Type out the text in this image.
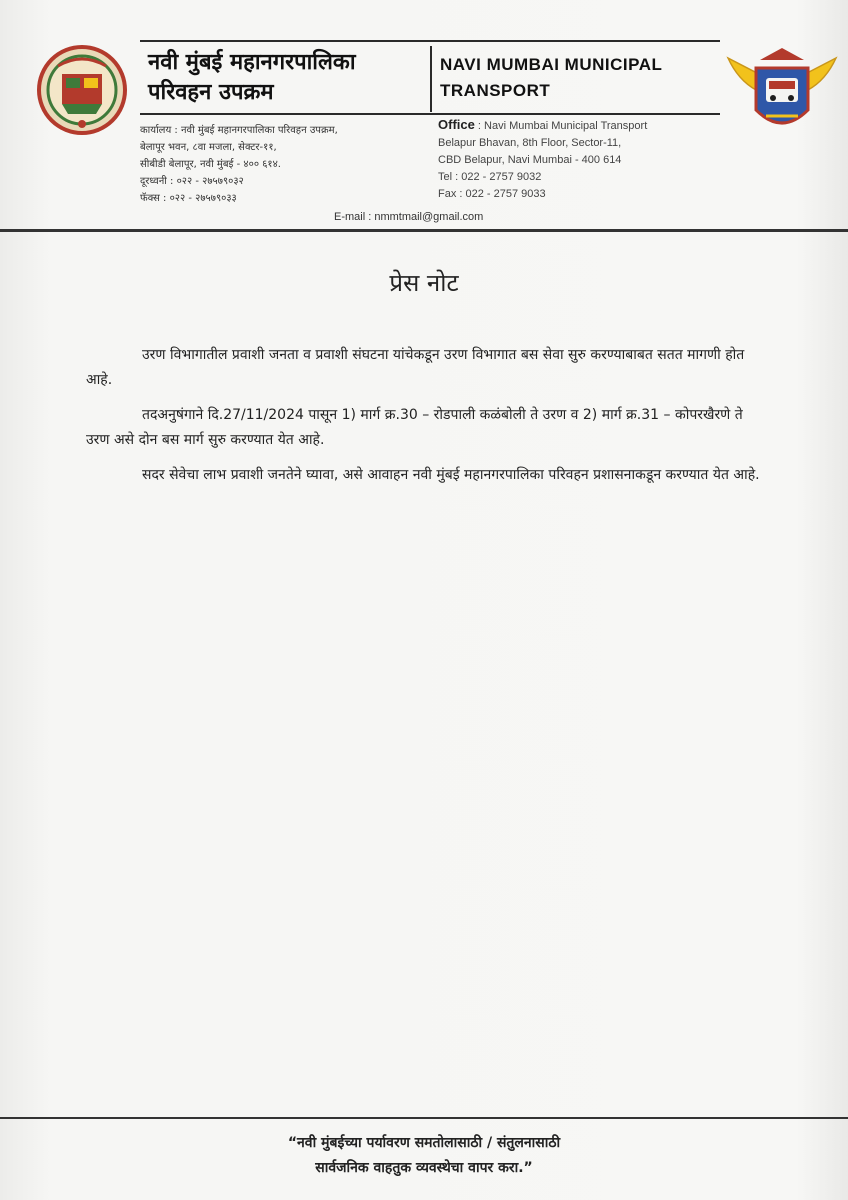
नवी मुंबई महानगरपालिका
परिवहन उपक्रम
NAVI MUMBAI MUNICIPAL
TRANSPORT
कार्यालय : नवी मुंबई महानगरपालिका परिवहन उपक्रम,
बेलापूर भवन, ८वा मजला, सेक्टर-११,
सीबीडी बेलापूर, नवी मुंबई - ४०० ६१४.
दूरध्वनी : ०२२ - २७५७९०३२
फॅक्स : ०२२ - २७५७९०३३
Office : Navi Mumbai Municipal Transport
Belapur Bhavan, 8th Floor, Sector-11,
CBD Belapur, Navi Mumbai - 400 614
Tel : 022 - 2757 9032
Fax : 022 - 2757 9033
E-mail : nmmtmail@gmail.com
प्रेस नोट
उरण विभागातील प्रवाशी जनता व प्रवाशी संघटना यांचेकडून उरण विभागात बस सेवा सुरु करण्याबाबत सतत मागणी होत आहे.
तदअनुषंगाने दि.27/11/2024 पासून 1) मार्ग क्र.30 – रोडपाली कळंबोली ते उरण व 2) मार्ग क्र.31 – कोपरखैरणे ते उरण असे दोन बस मार्ग सुरु करण्यात येत आहे.
सदर सेवेचा लाभ प्रवाशी जनतेने घ्यावा, असे आवाहन नवी मुंबई महानगरपालिका परिवहन प्रशासनाकडून करण्यात येत आहे.
“नवी मुंबईच्या पर्यावरण समतोलासाठी / संतुलनासाठी
सार्वजनिक वाहतुक व्यवस्थेचा वापर करा.”
